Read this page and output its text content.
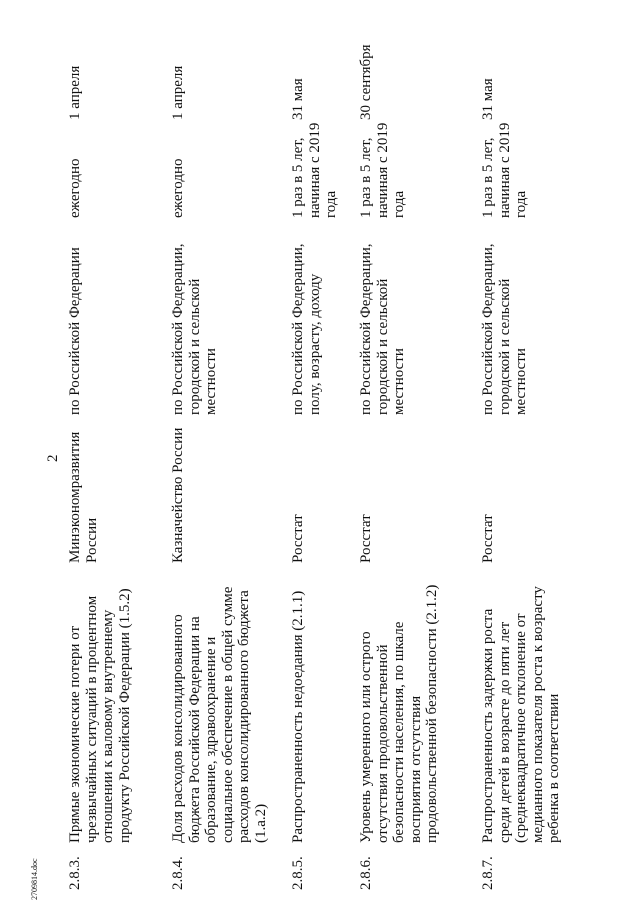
2
2.8.3.
Прямые экономические потери от чрезвычайных ситуаций в процентном отношении к валовому внутреннему продукту Российской Федерации (1.5.2)
Минэкономразвития России
по Российской Федерации
ежегодно
1 апреля
2.8.4.
Доля расходов консолидированного бюджета Российской Федерации на образование, здравоохранение и социальное обеспечение в общей сумме расходов консолидированного бюджета (1.а.2)
Казначейство России
по Российской Федерации, городской и сельской местности
ежегодно
1 апреля
2.8.5.
Распространенность недоедания (2.1.1)
Росстат
по Российской Федерации, полу, возрасту, доходу
1 раз в 5 лет, начиная с 2019 года
31 мая
2.8.6.
Уровень умеренного или острого отсутствия продовольственной безопасности населения, по шкале восприятия отсутствия продовольственной безопасности (2.1.2)
Росстат
по Российской Федерации, городской и сельской местности
1 раз в 5 лет, начиная с 2019 года
30 сентября
2.8.7.
Распространенность задержки роста среди детей в возрасте до пяти лет (среднеквадратичное отклонение от медианного показателя роста к возрасту ребенка в соответствии
Росстат
по Российской Федерации, городской и сельской местности
1 раз в 5 лет, начиная с 2019 года
31 мая
2709814.doc
